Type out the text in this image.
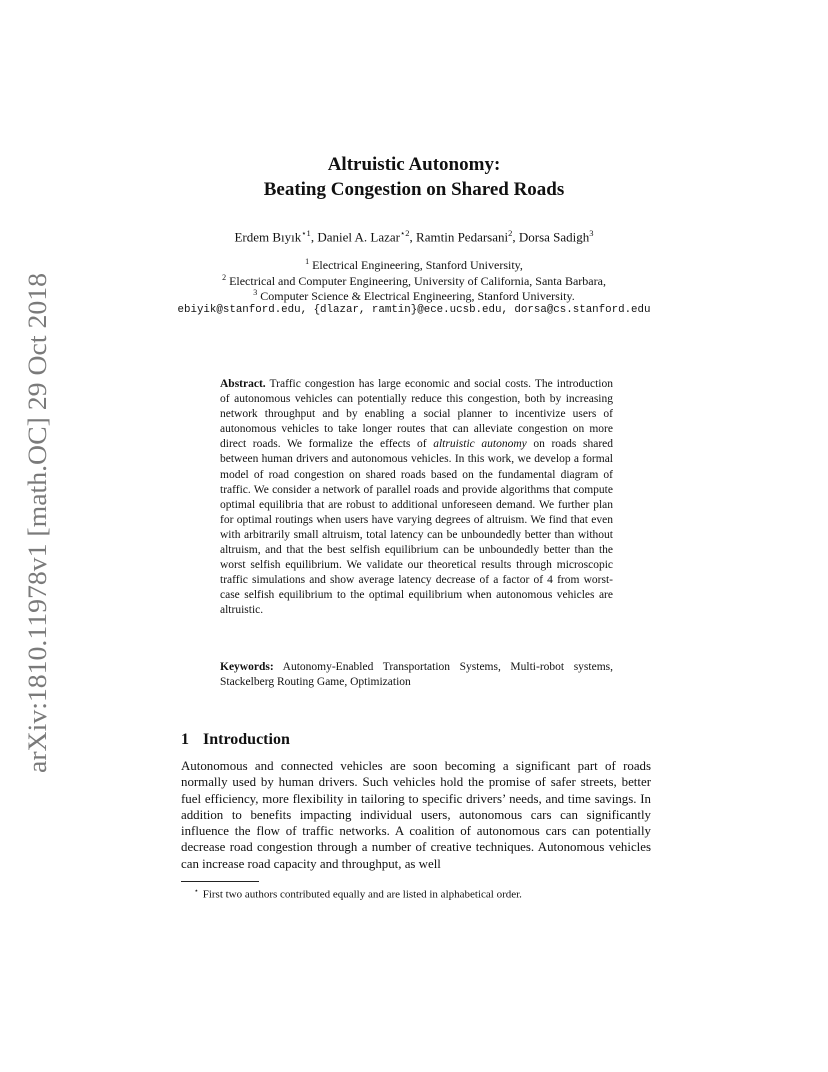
arXiv:1810.11978v1 [math.OC] 29 Oct 2018
Altruistic Autonomy:
Beating Congestion on Shared Roads
Erdem Bıyık$^{⋆1}$, Daniel A. Lazar$^{⋆2}$, Ramtin Pedarsani$^2$, Dorsa Sadigh$^3$
$^1$ Electrical Engineering, Stanford University,
$^2$ Electrical and Computer Engineering, University of California, Santa Barbara,
$^3$ Computer Science & Electrical Engineering, Stanford University.
ebiyik@stanford.edu, {dlazar, ramtin}@ece.ucsb.edu, dorsa@cs.stanford.edu
Abstract. Traffic congestion has large economic and social costs. The introduction of autonomous vehicles can potentially reduce this congestion, both by increasing network throughput and by enabling a social planner to incentivize users of autonomous vehicles to take longer routes that can alleviate congestion on more direct roads. We formalize the effects of altruistic autonomy on roads shared between human drivers and autonomous vehicles. In this work, we develop a formal model of road congestion on shared roads based on the fundamental diagram of traffic. We consider a network of parallel roads and provide algorithms that compute optimal equilibria that are robust to additional unforeseen demand. We further plan for optimal routings when users have varying degrees of altruism. We find that even with arbitrarily small altruism, total latency can be unboundedly better than without altruism, and that the best selfish equilibrium can be unboundedly better than the worst selfish equilibrium. We validate our theoretical results through microscopic traffic simulations and show average latency decrease of a factor of 4 from worst-case selfish equilibrium to the optimal equilibrium when autonomous vehicles are altruistic.
Keywords: Autonomy-Enabled Transportation Systems, Multi-robot systems, Stackelberg Routing Game, Optimization
1 Introduction
Autonomous and connected vehicles are soon becoming a significant part of roads normally used by human drivers. Such vehicles hold the promise of safer streets, better fuel efficiency, more flexibility in tailoring to specific drivers’ needs, and time savings. In addition to benefits impacting individual users, autonomous cars can significantly influence the flow of traffic networks. A coalition of autonomous cars can potentially decrease road congestion through a number of creative techniques. Autonomous vehicles can increase road capacity and throughput, as well
⋆ First two authors contributed equally and are listed in alphabetical order.
